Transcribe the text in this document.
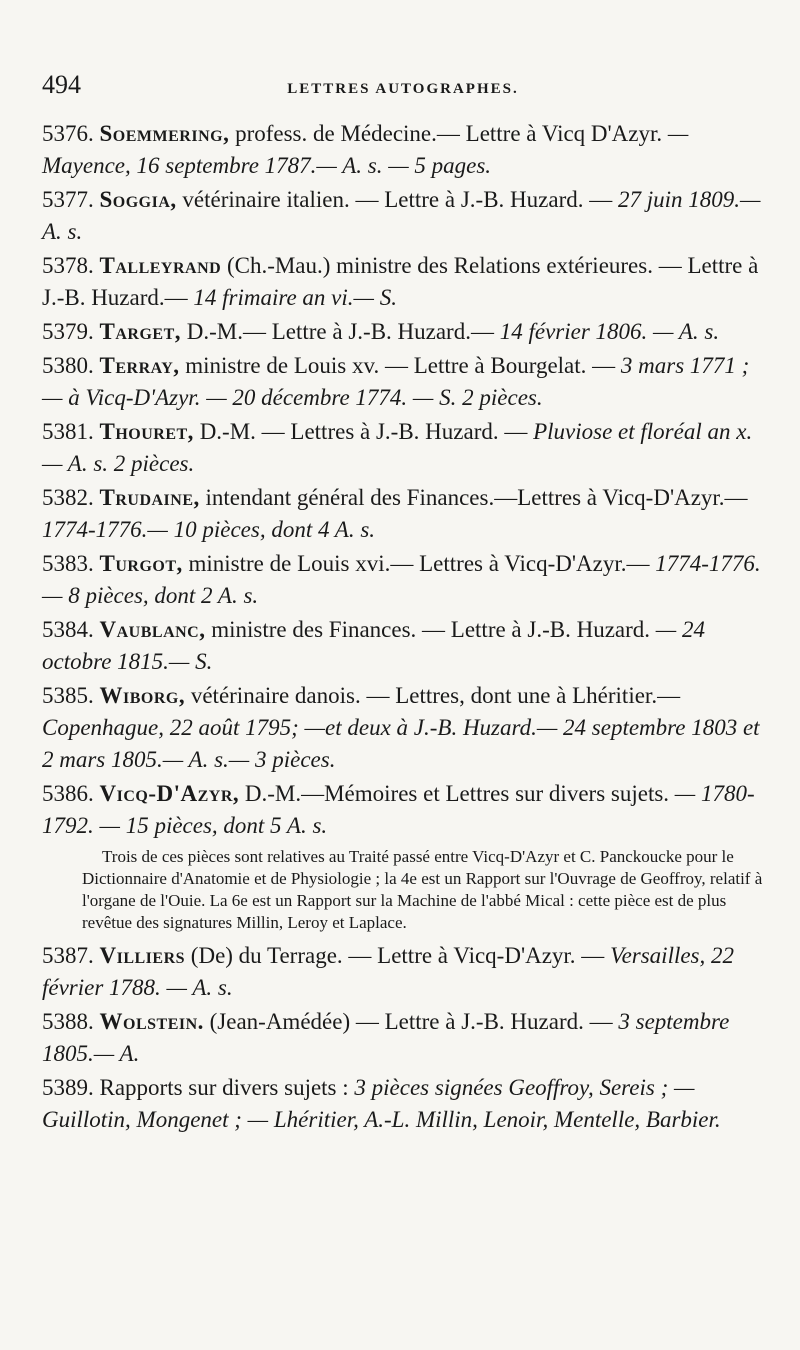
494	LETTRES AUTOGRAPHES.

5376. Soemmering, profess. de Médecine.— Lettre à Vicq D'Azyr. — Mayence, 16 septembre 1787.— A. s. — 5 pages.

5377. Soggia, vétérinaire italien. — Lettre à J.-B. Huzard. — 27 juin 1809.— A. s.

5378. Talleyrand (Ch.-Mau.) ministre des Relations extérieures. — Lettre à J.-B. Huzard.— 14 frimaire an vi.— S.

5379. Target, D.-M.— Lettre à J.-B. Huzard.— 14 février 1806. — A. s.

5380. Terray, ministre de Louis xv. — Lettre à Bourgelat. — 3 mars 1771 ; — à Vicq-D'Azyr. — 20 décembre 1774. — S. 2 pièces.

5381. Thouret, D.-M. — Lettres à J.-B. Huzard. — Pluviose et floréal an x. — A. s. 2 pièces.

5382. Trudaine, intendant général des Finances.—Lettres à Vicq-D'Azyr.— 1774-1776.— 10 pièces, dont 4 A. s.

5383. Turgot, ministre de Louis xvi.— Lettres à Vicq-D'Azyr.— 1774-1776. — 8 pièces, dont 2 A. s.

5384. Vaublanc, ministre des Finances. — Lettre à J.-B. Huzard. — 24 octobre 1815.— S.

5385. Wiborg, vétérinaire danois. — Lettres, dont une à Lhéritier.— Copenhague, 22 août 1795; —et deux à J.-B. Huzard.— 24 septembre 1803 et 2 mars 1805.— A. s.— 3 pièces.

5386. Vicq-D'Azyr, D.-M.—Mémoires et Lettres sur divers sujets. — 1780-1792. — 15 pièces, dont 5 A. s.

Trois de ces pièces sont relatives au Traité passé entre Vicq-D'Azyr et C. Panckoucke pour le Dictionnaire d'Anatomie et de Physiologie ; la 4e est un Rapport sur l'Ouvrage de Geoffroy, relatif à l'organe de l'Ouie. La 6e est un Rapport sur la Machine de l'abbé Mical : cette pièce est de plus revêtue des signatures Millin, Leroy et Laplace.

5387. Villiers (De) du Terrage. — Lettre à Vicq-D'Azyr. — Versailles, 22 février 1788. — A. s.

5388. Wolstein. (Jean-Amédée) — Lettre à J.-B. Huzard. — 3 septembre 1805.— A.

5389. Rapports sur divers sujets : 3 pièces signées Geoffroy, Sereis ; — Guillotin, Mongenet ; — Lhéritier, A.-L. Millin, Lenoir, Mentelle, Barbier.
